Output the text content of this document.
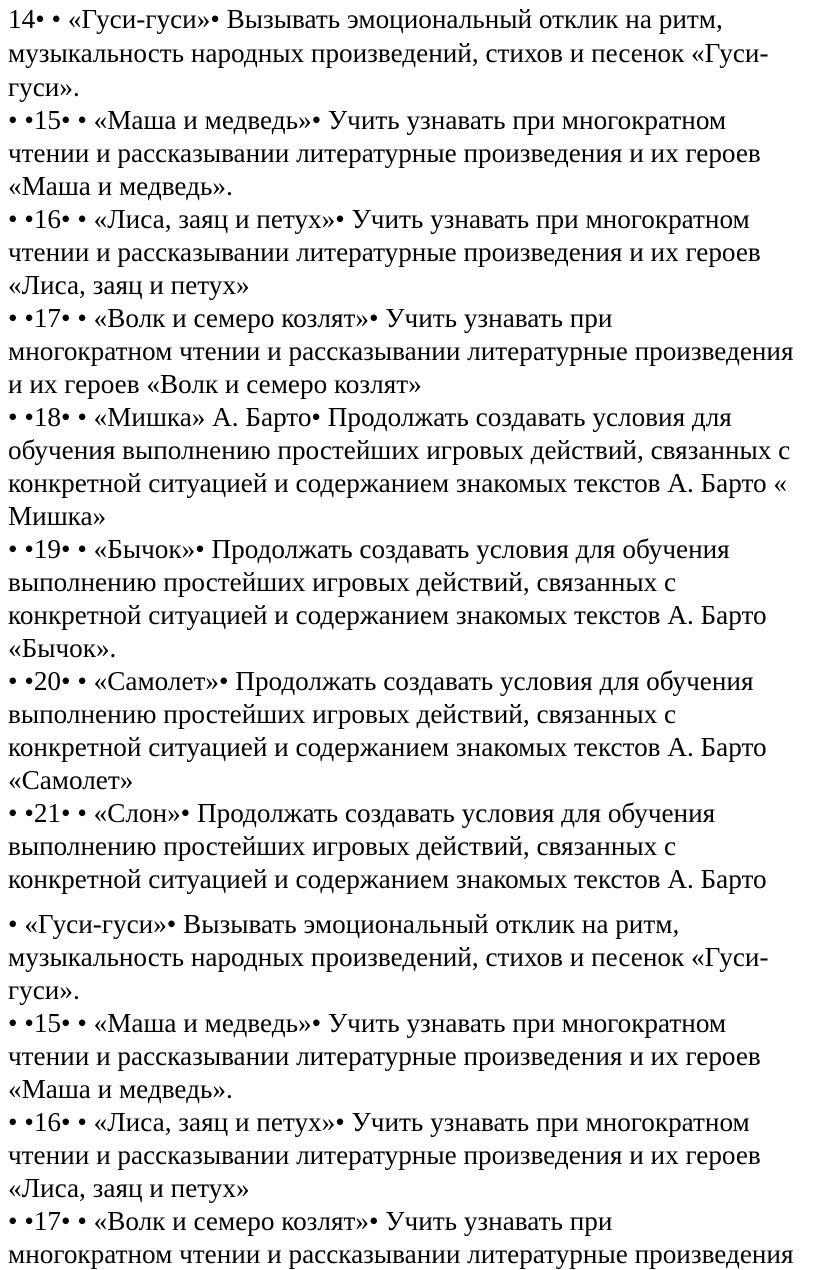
14• • «Гуси-гуси»• Вызывать эмоциональный отклик на ритм,
музыкальность народных произведений, стихов и песенок «Гуси-
гуси».
• •15• • «Маша и медведь»• Учить узнавать при многократном
чтении и рассказывании литературные произведения и их героев
«Маша и медведь».
• •16• • «Лиса, заяц и петух»• Учить узнавать при многократном
чтении и рассказывании литературные произведения и их героев
«Лиса, заяц и петух»
• •17• • «Волк и семеро козлят»• Учить узнавать при
многократном чтении и рассказывании литературные произведения
и их героев «Волк и семеро козлят»
• •18• • «Мишка» А. Барто• Продолжать создавать условия для
обучения выполнению простейших игровых действий, связанных с
конкретной ситуацией и содержанием знакомых текстов А. Барто «
Мишка»
• •19• • «Бычок»• Продолжать создавать условия для обучения
выполнению простейших игровых действий, связанных с
конкретной ситуацией и содержанием знакомых текстов А. Барто
«Бычок».
• •20• • «Самолет»• Продолжать создавать условия для обучения
выполнению простейших игровых действий, связанных с
конкретной ситуацией и содержанием знакомых текстов А. Барто
«Самолет»
• •21• • «Слон»• Продолжать создавать условия для обучения
выполнению простейших игровых действий, связанных с
конкретной ситуацией и содержанием знакомых текстов А. Барто
• «Гуси-гуси»• Вызывать эмоциональный отклик на ритм,
музыкальность народных произведений, стихов и песенок «Гуси-
гуси».
• •15• • «Маша и медведь»• Учить узнавать при многократном
чтении и рассказывании литературные произведения и их героев
«Маша и медведь».
• •16• • «Лиса, заяц и петух»• Учить узнавать при многократном
чтении и рассказывании литературные произведения и их героев
«Лиса, заяц и петух»
• •17• • «Волк и семеро козлят»• Учить узнавать при
многократном чтении и рассказывании литературные произведения
